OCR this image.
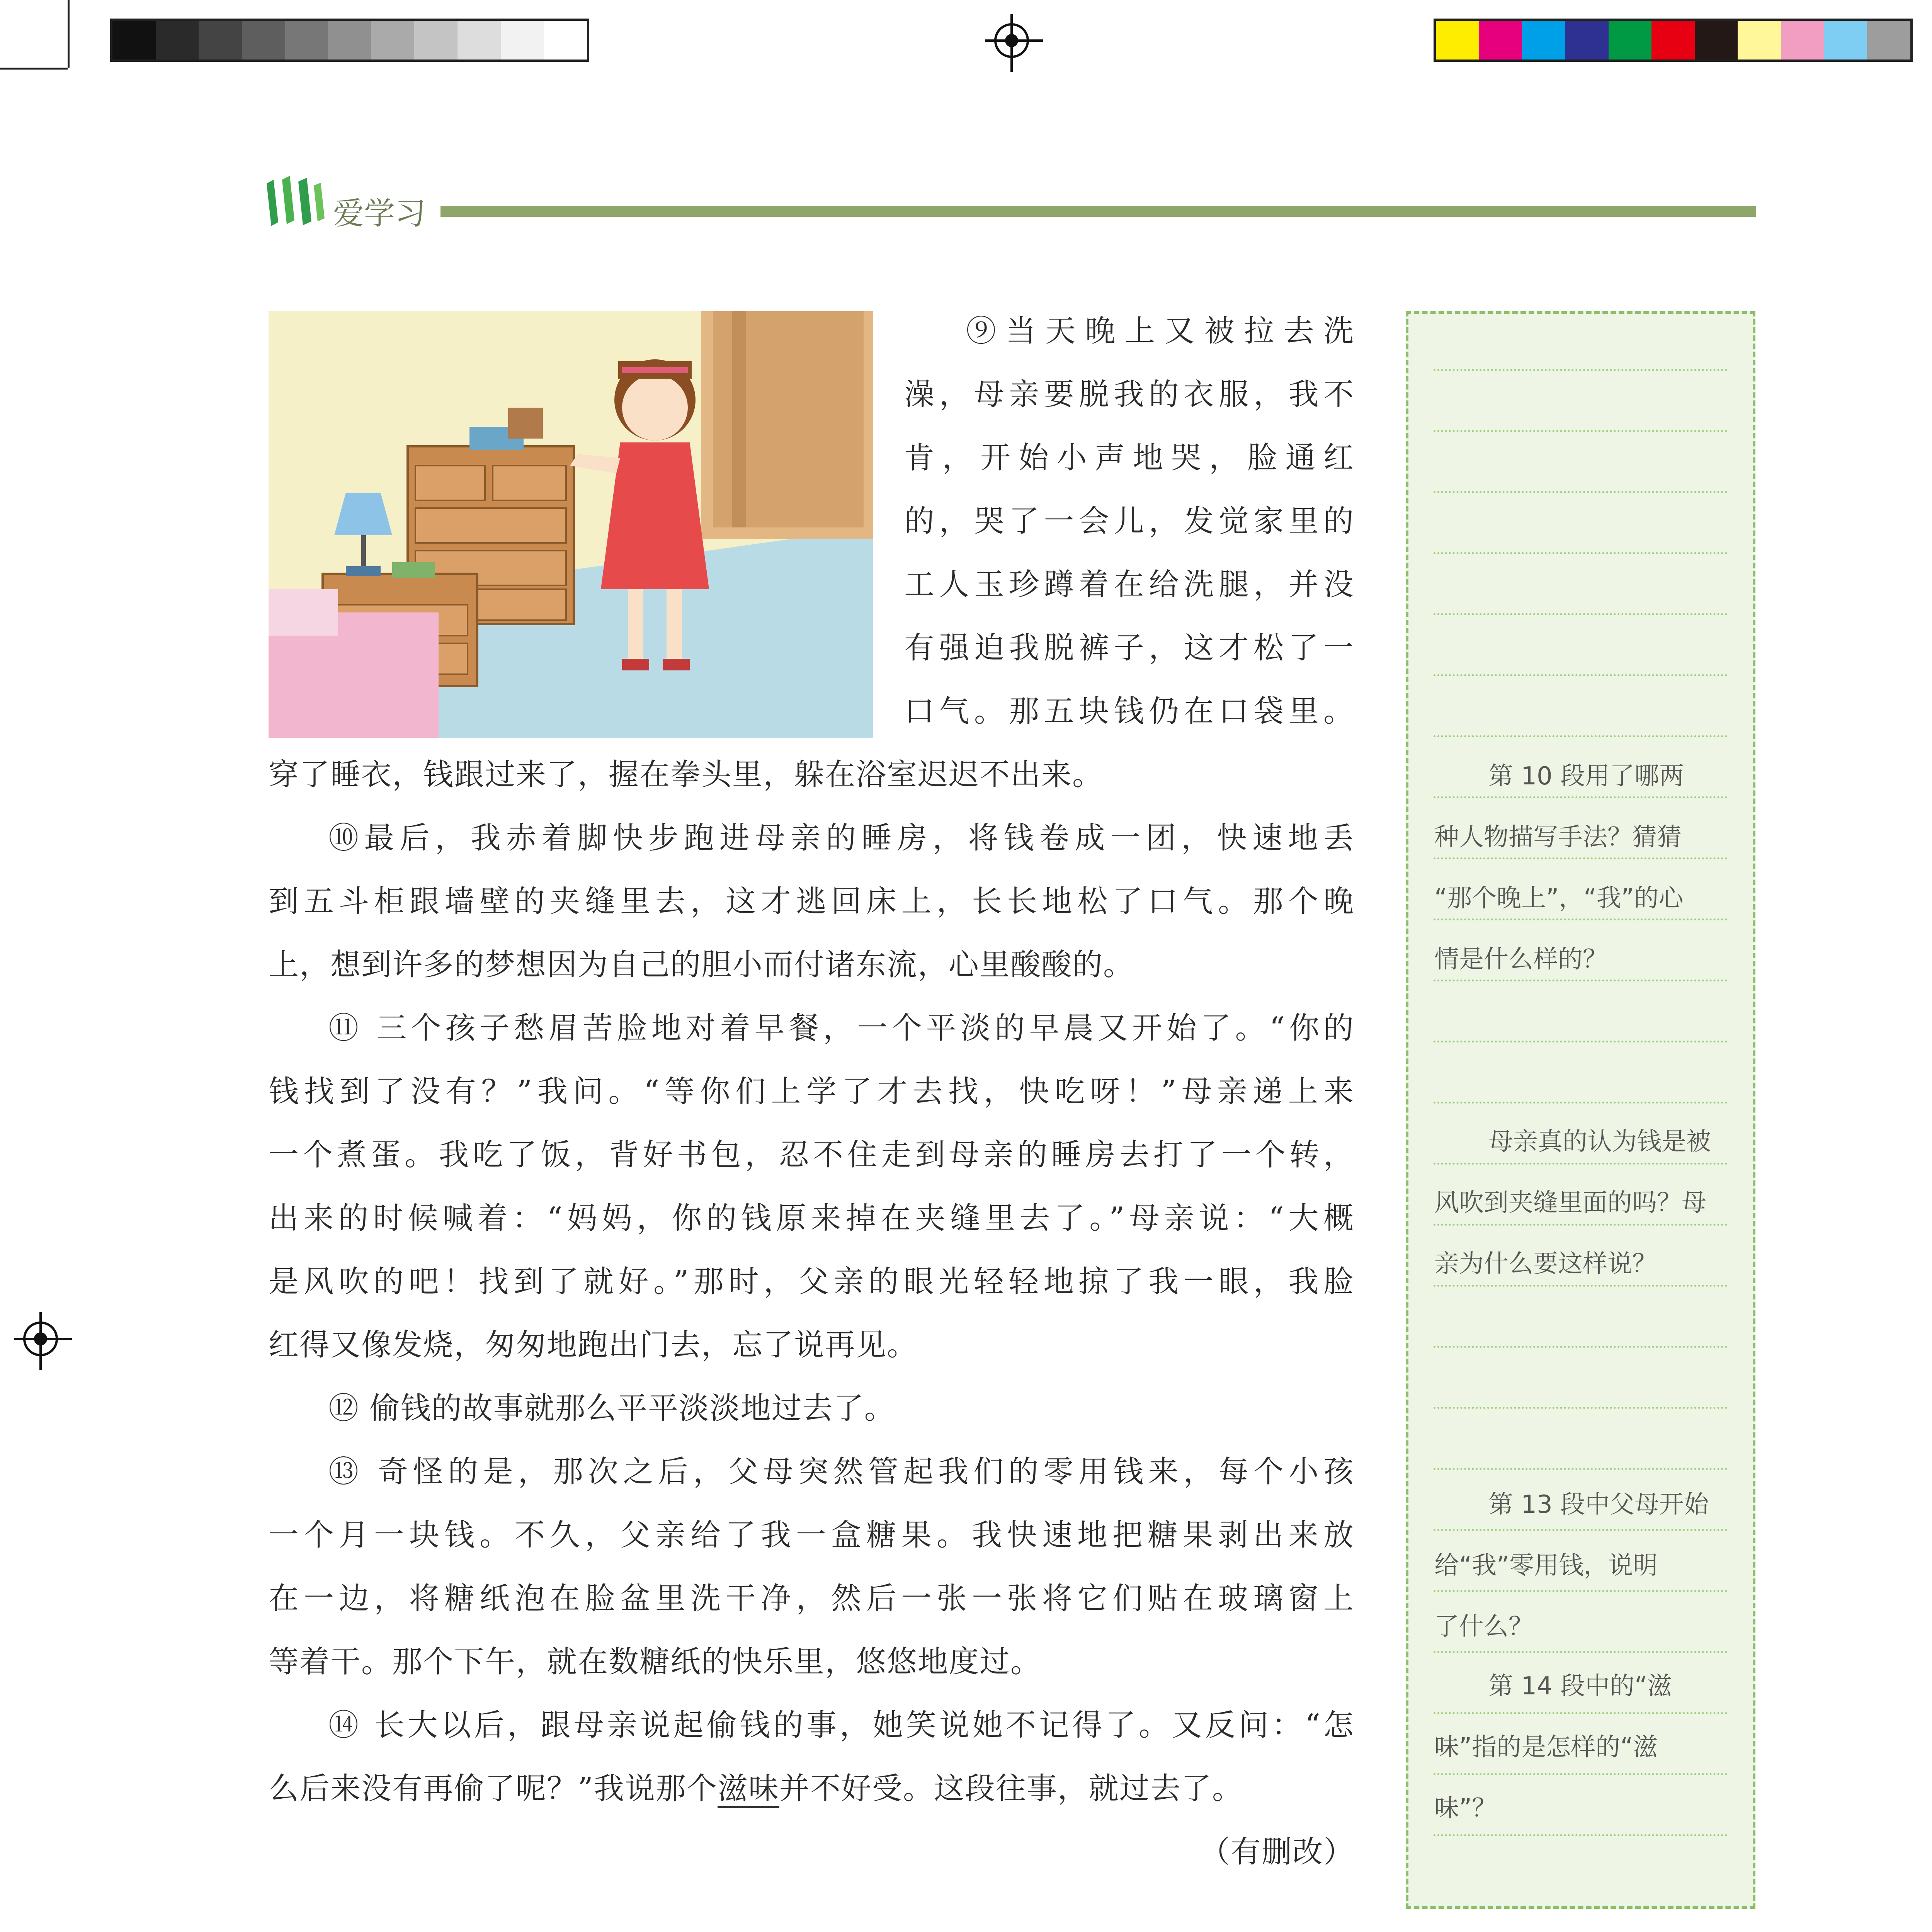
爱学习
⑨当天晚上又被拉去洗
澡，母亲要脱我的衣服，我不
肯，开始小声地哭，脸通红
的，哭了一会儿，发觉家里的
工人玉珍蹲着在给洗腿，并没
有强迫我脱裤子，这才松了一
口气。那五块钱仍在口袋里。
穿了睡衣，钱跟过来了，握在拳头里，躲在浴室迟迟不出来。
⑩最后，我赤着脚快步跑进母亲的睡房，将钱卷成一团，快速地丢
到五斗柜跟墙壁的夹缝里去，这才逃回床上，长长地松了口气。那个晚
上，想到许多的梦想因为自己的胆小而付诸东流，心里酸酸的。
⑪ 三个孩子愁眉苦脸地对着早餐，一个平淡的早晨又开始了。“你的
钱找到了没有？”我问。“等你们上学了才去找，快吃呀！”母亲递上来
一个煮蛋。我吃了饭，背好书包，忍不住走到母亲的睡房去打了一个转，
出来的时候喊着：“妈妈，你的钱原来掉在夹缝里去了。”母亲说：“大概
是风吹的吧！找到了就好。”那时，父亲的眼光轻轻地掠了我一眼，我脸
红得又像发烧，匆匆地跑出门去，忘了说再见。
⑫ 偷钱的故事就那么平平淡淡地过去了。
⑬ 奇怪的是，那次之后，父母突然管起我们的零用钱来，每个小孩
一个月一块钱。不久，父亲给了我一盒糖果。我快速地把糖果剥出来放
在一边，将糖纸泡在脸盆里洗干净，然后一张一张将它们贴在玻璃窗上
等着干。那个下午，就在数糖纸的快乐里，悠悠地度过。
⑭ 长大以后，跟母亲说起偷钱的事，她笑说她不记得了。又反问：“怎
么后来没有再偷了呢？”我说那个滋味并不好受。这段往事，就过去了。
（有删改）
第 10 段用了哪两
种人物描写手法？猜猜
“那个晚上”，“我”的心
情是什么样的？
母亲真的认为钱是被
风吹到夹缝里面的吗？母
亲为什么要这样说？
第 13 段中父母开始
给“我”零用钱，说明
了什么？
第 14 段中的“滋
味”指的是怎样的“滋
味”？
